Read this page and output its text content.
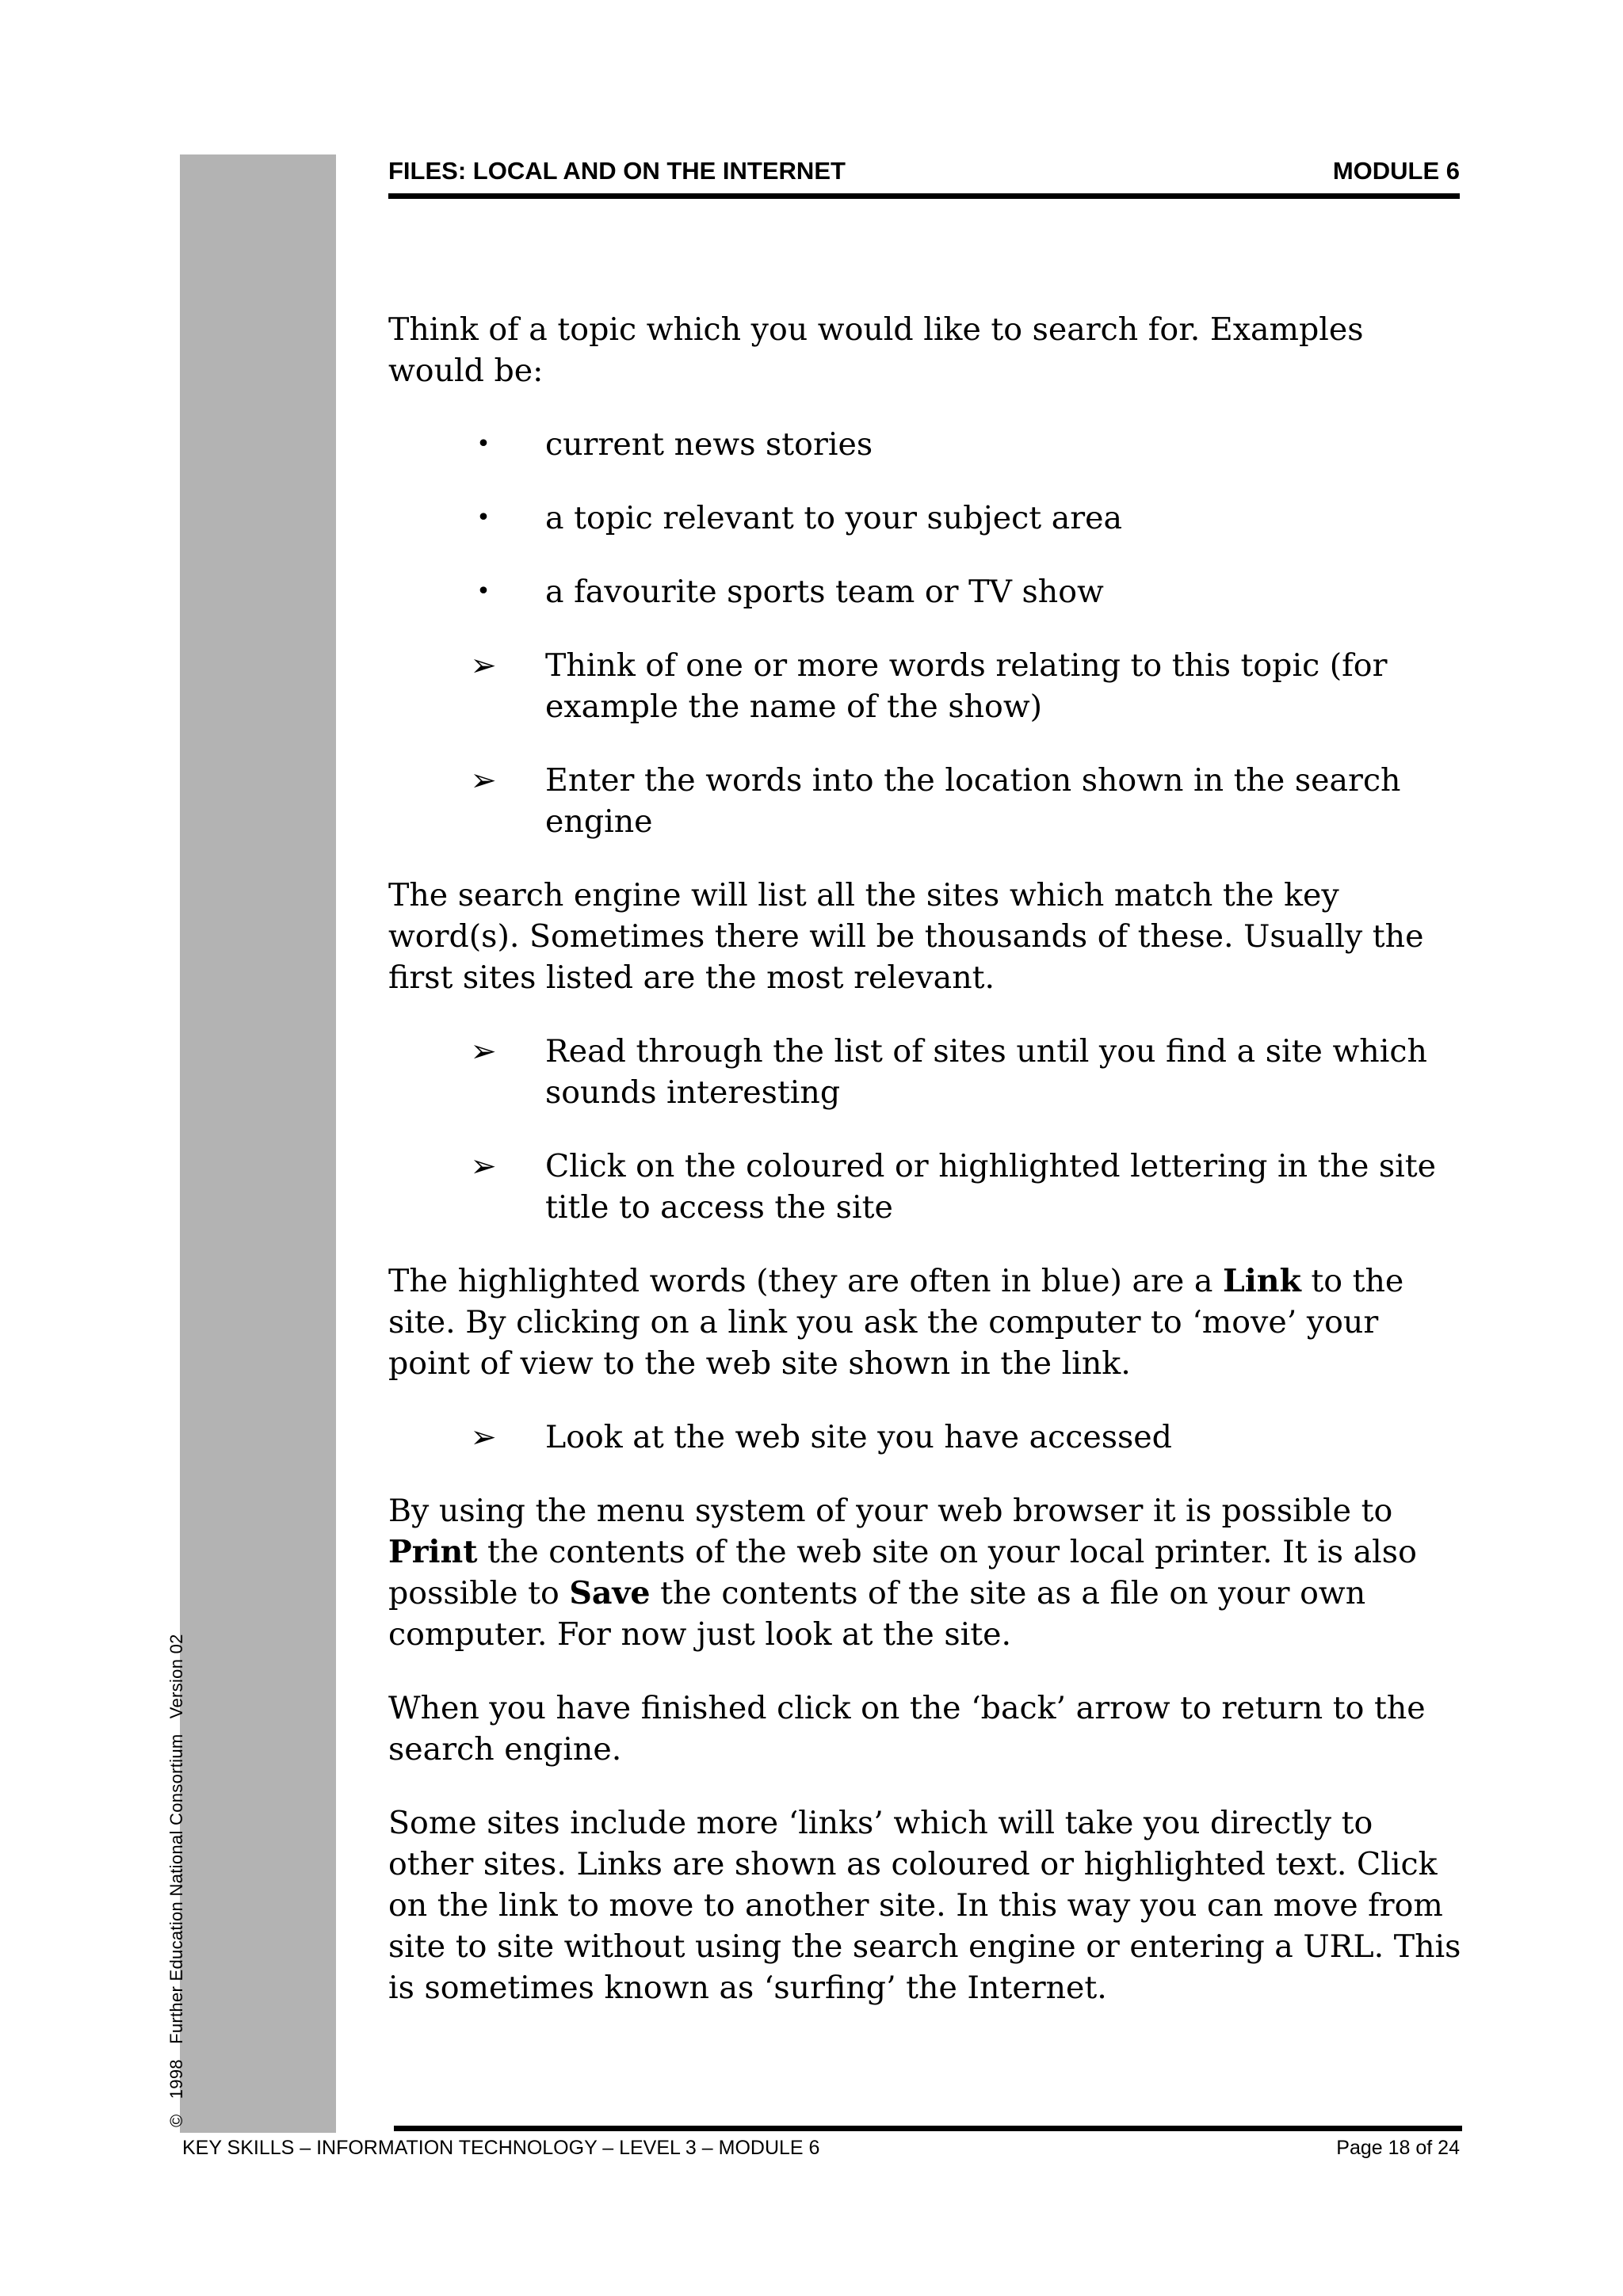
©   1998   Further Education National Consortium   Version 02
FILES: LOCAL AND ON THE INTERNET	MODULE 6

Think of a topic which you would like to search for. Examples would be:

• current news stories
• a topic relevant to your subject area
• a favourite sports team or TV show
➢ Think of one or more words relating to this topic (for example the name of the show)
➢ Enter the words into the location shown in the search engine

The search engine will list all the sites which match the key word(s). Sometimes there will be thousands of these. Usually the first sites listed are the most relevant.

➢ Read through the list of sites until you find a site which sounds interesting
➢ Click on the coloured or highlighted lettering in the site title to access the site

The highlighted words (they are often in blue) are a Link to the site. By clicking on a link you ask the computer to ‘move’ your point of view to the web site shown in the link.

➢ Look at the web site you have accessed

By using the menu system of your web browser it is possible to Print the contents of the web site on your local printer. It is also possible to Save the contents of the site as a file on your own computer. For now just look at the site.

When you have finished click on the ‘back’ arrow to return to the search engine.

Some sites include more ‘links’ which will take you directly to other sites. Links are shown as coloured or highlighted text. Click on the link to move to another site. In this way you can move from site to site without using the search engine or entering a URL. This is sometimes known as ‘surfing’ the Internet.

KEY SKILLS – INFORMATION TECHNOLOGY – LEVEL 3 – MODULE 6	Page 18 of 24
